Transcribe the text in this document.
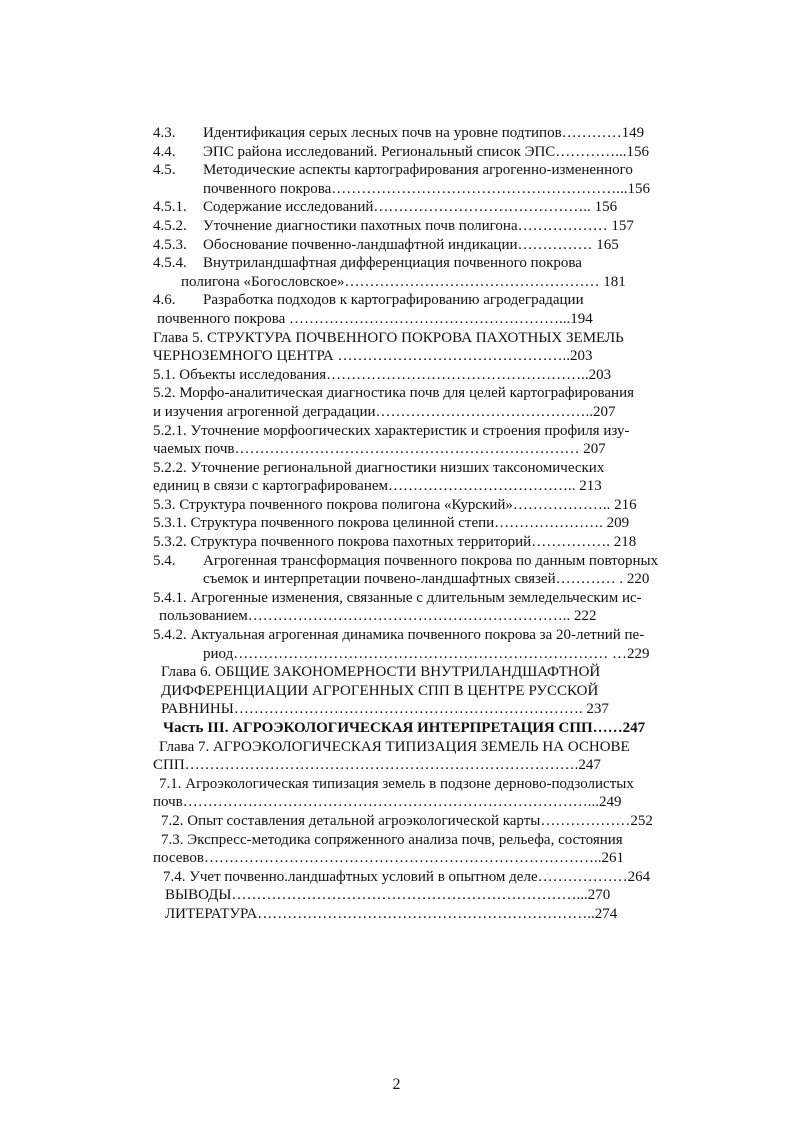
4.3. Идентификация серых лесных почв на уровне подтипов…………149
4.4. ЭПС района исследований. Региональный список ЭПС…………...156
4.5. Методические аспекты картографирования агрогенно-измененного
почвенного покрова…………………………………………………...156
4.5.1. Содержание исследований…………………………………….. 156
4.5.2. Уточнение диагностики пахотных почв полигона……………… 157
4.5.3. Обоснование почвенно-ландшафтной индикации…………… 165
4.5.4. Внутриландшафтная дифференциация почвенного покрова
полигона «Богословское»…………………………………………… 181
4.6. Разработка подходов к картографированию агродеградации
почвенного покрова ………………………………………………...194
Глава 5. СТРУКТУРА ПОЧВЕННОГО ПОКРОВА ПАХОТНЫХ ЗЕМЕЛЬ
ЧЕРНОЗЕМНОГО ЦЕНТРА ………………………………………..203
5.1. Объекты исследования……………………………………………..203
5.2. Морфо-аналитическая диагностика почв для целей картографирования
и изучения агрогенной деградации……………………………………..207
5.2.1. Уточнение морфоогических характеристик и строения профиля изу-
чаемых почв…………………………………………………………… 207
5.2.2. Уточнение региональной диагностики низших таксономических
единиц в связи с картографированем……………………………….. 213
5.3. Структура почвенного покрова полигона «Курский»……………….. 216
5.3.1. Структура почвенного покрова целинной степи…………………. 209
5.3.2. Структура почвенного покрова пахотных территорий……………. 218
5.4. Агрогенная трансформация почвенного покрова по данным повторных
съемок и интерпретации почвено-ландшафтных связей………… . 220
5.4.1. Агрогенные изменения, связанные с длительным земледельческим ис-
пользованием……………………………………………………….. 222
5.4.2. Актуальная агрогенная динамика почвенного покрова за 20-летний пе-
риод………………………………………………………………… …229
Глава 6. ОБЩИЕ ЗАКОНОМЕРНОСТИ ВНУТРИЛАНДШАФТНОЙ
ДИФФЕРЕНЦИАЦИИ АГРОГЕННЫХ СПП В ЦЕНТРЕ РУССКОЙ
РАВНИНЫ……………………………………………………………. 237
Часть III. АГРОЭКОЛОГИЧЕСКАЯ ИНТЕРПРЕТАЦИЯ СПП……247
Глава 7. АГРОЭКОЛОГИЧЕСКАЯ ТИПИЗАЦИЯ ЗЕМЕЛЬ НА ОСНОВЕ
СПП…………………………………………………………………….247
7.1. Агроэкологическая типизация земель в подзоне дерново-подзолистых
почв………………………………………………………………………...249
7.2. Опыт составления детальной агроэкологической карты………………252
7.3. Экспресс-методика сопряженного анализа почв, рельефа, состояния
посевов……………………………………………………………………..261
7.4. Учет почвенно.ландшафтных условий в опытном деле………………264
ВЫВОДЫ……………………………………………………………...270
ЛИТЕРАТУРА…………………………………………………………..274
2
